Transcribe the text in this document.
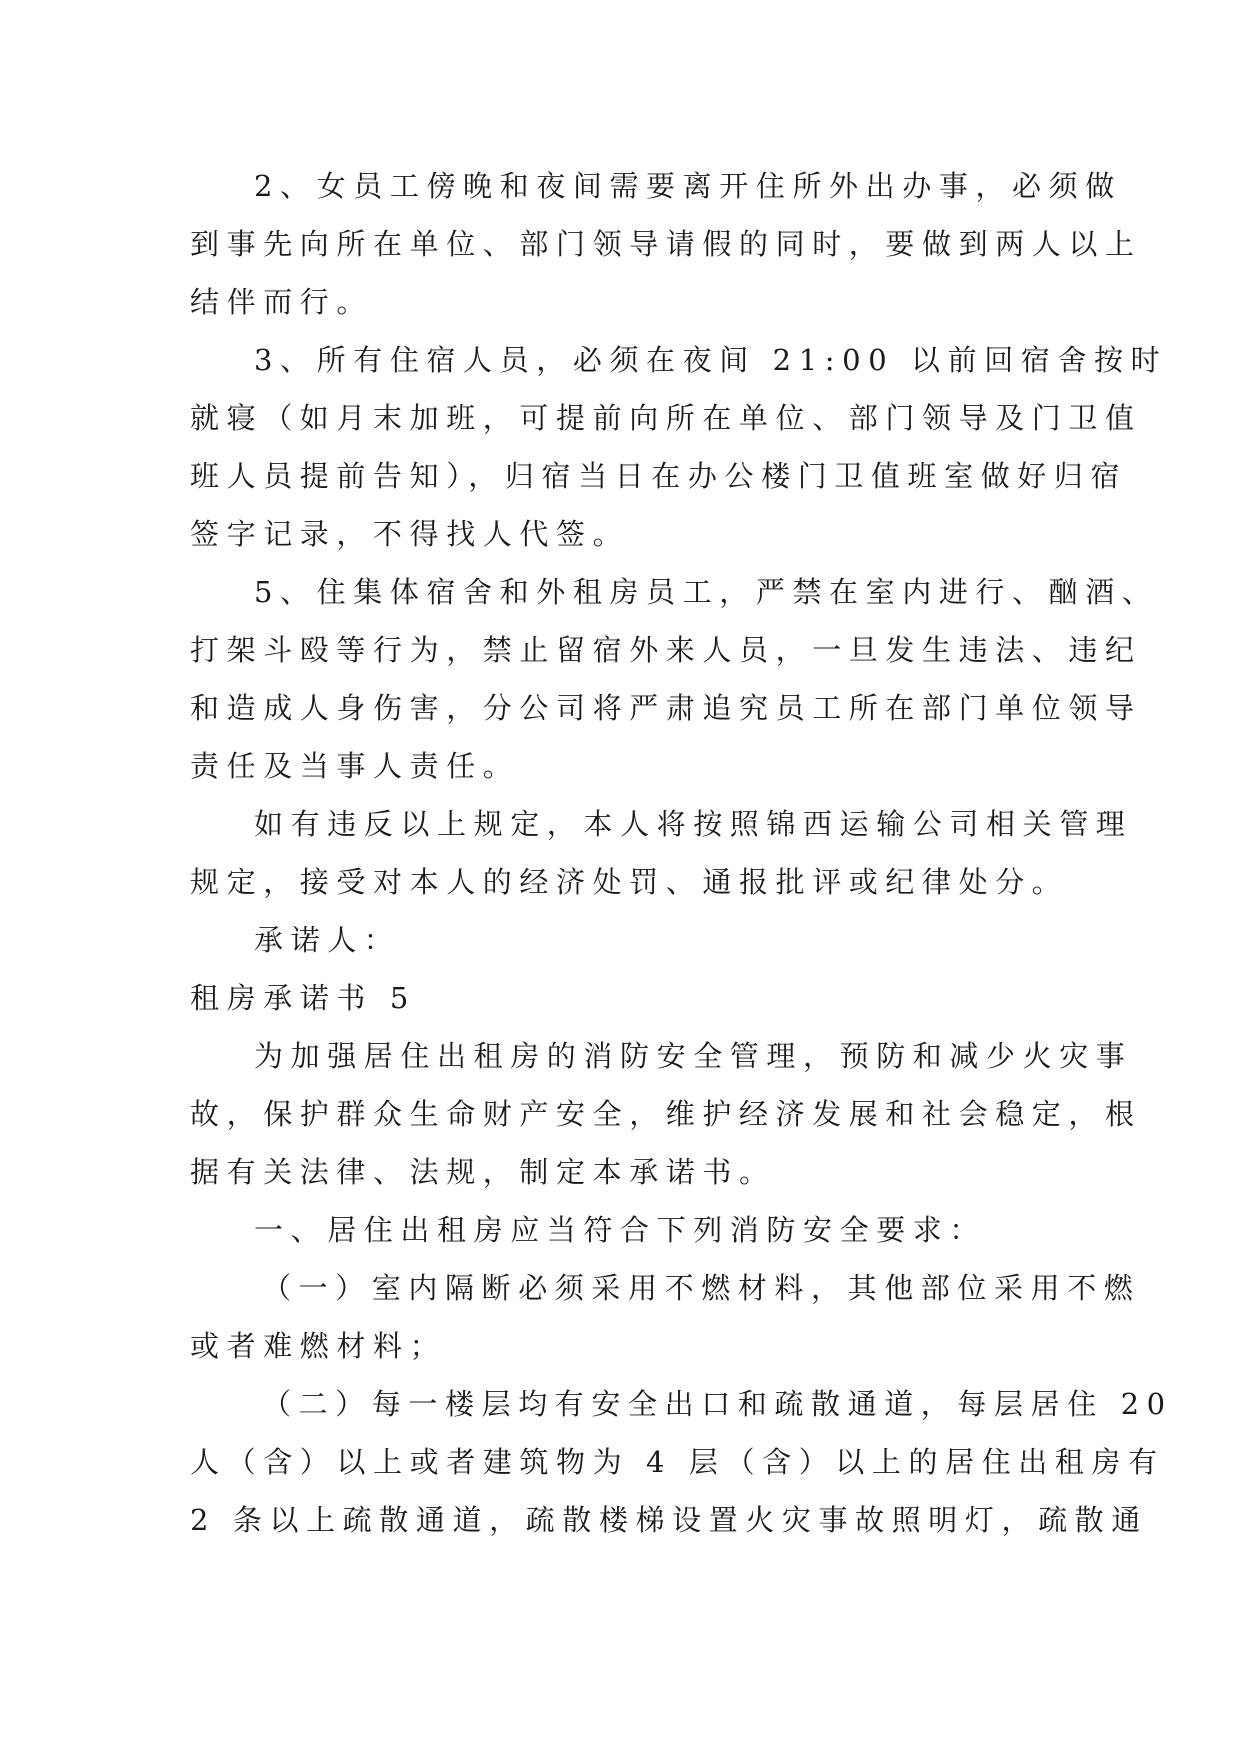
2、女员工傍晚和夜间需要离开住所外出办事，必须做
到事先向所在单位、部门领导请假的同时，要做到两人以上
结伴而行。
3、所有住宿人员，必须在夜间 21:00 以前回宿舍按时
就寝（如月末加班，可提前向所在单位、部门领导及门卫值
班人员提前告知），归宿当日在办公楼门卫值班室做好归宿
签字记录，不得找人代签。
5、住集体宿舍和外租房员工，严禁在室内进行、酗酒、
打架斗殴等行为，禁止留宿外来人员，一旦发生违法、违纪
和造成人身伤害，分公司将严肃追究员工所在部门单位领导
责任及当事人责任。
如有违反以上规定，本人将按照锦西运输公司相关管理
规定，接受对本人的经济处罚、通报批评或纪律处分。
承诺人：
租房承诺书 5
为加强居住出租房的消防安全管理，预防和减少火灾事
故，保护群众生命财产安全，维护经济发展和社会稳定，根
据有关法律、法规，制定本承诺书。
一、居住出租房应当符合下列消防安全要求：
（一）室内隔断必须采用不燃材料，其他部位采用不燃
或者难燃材料；
（二）每一楼层均有安全出口和疏散通道，每层居住 20
人（含）以上或者建筑物为 4 层（含）以上的居住出租房有
2 条以上疏散通道，疏散楼梯设置火灾事故照明灯，疏散通
